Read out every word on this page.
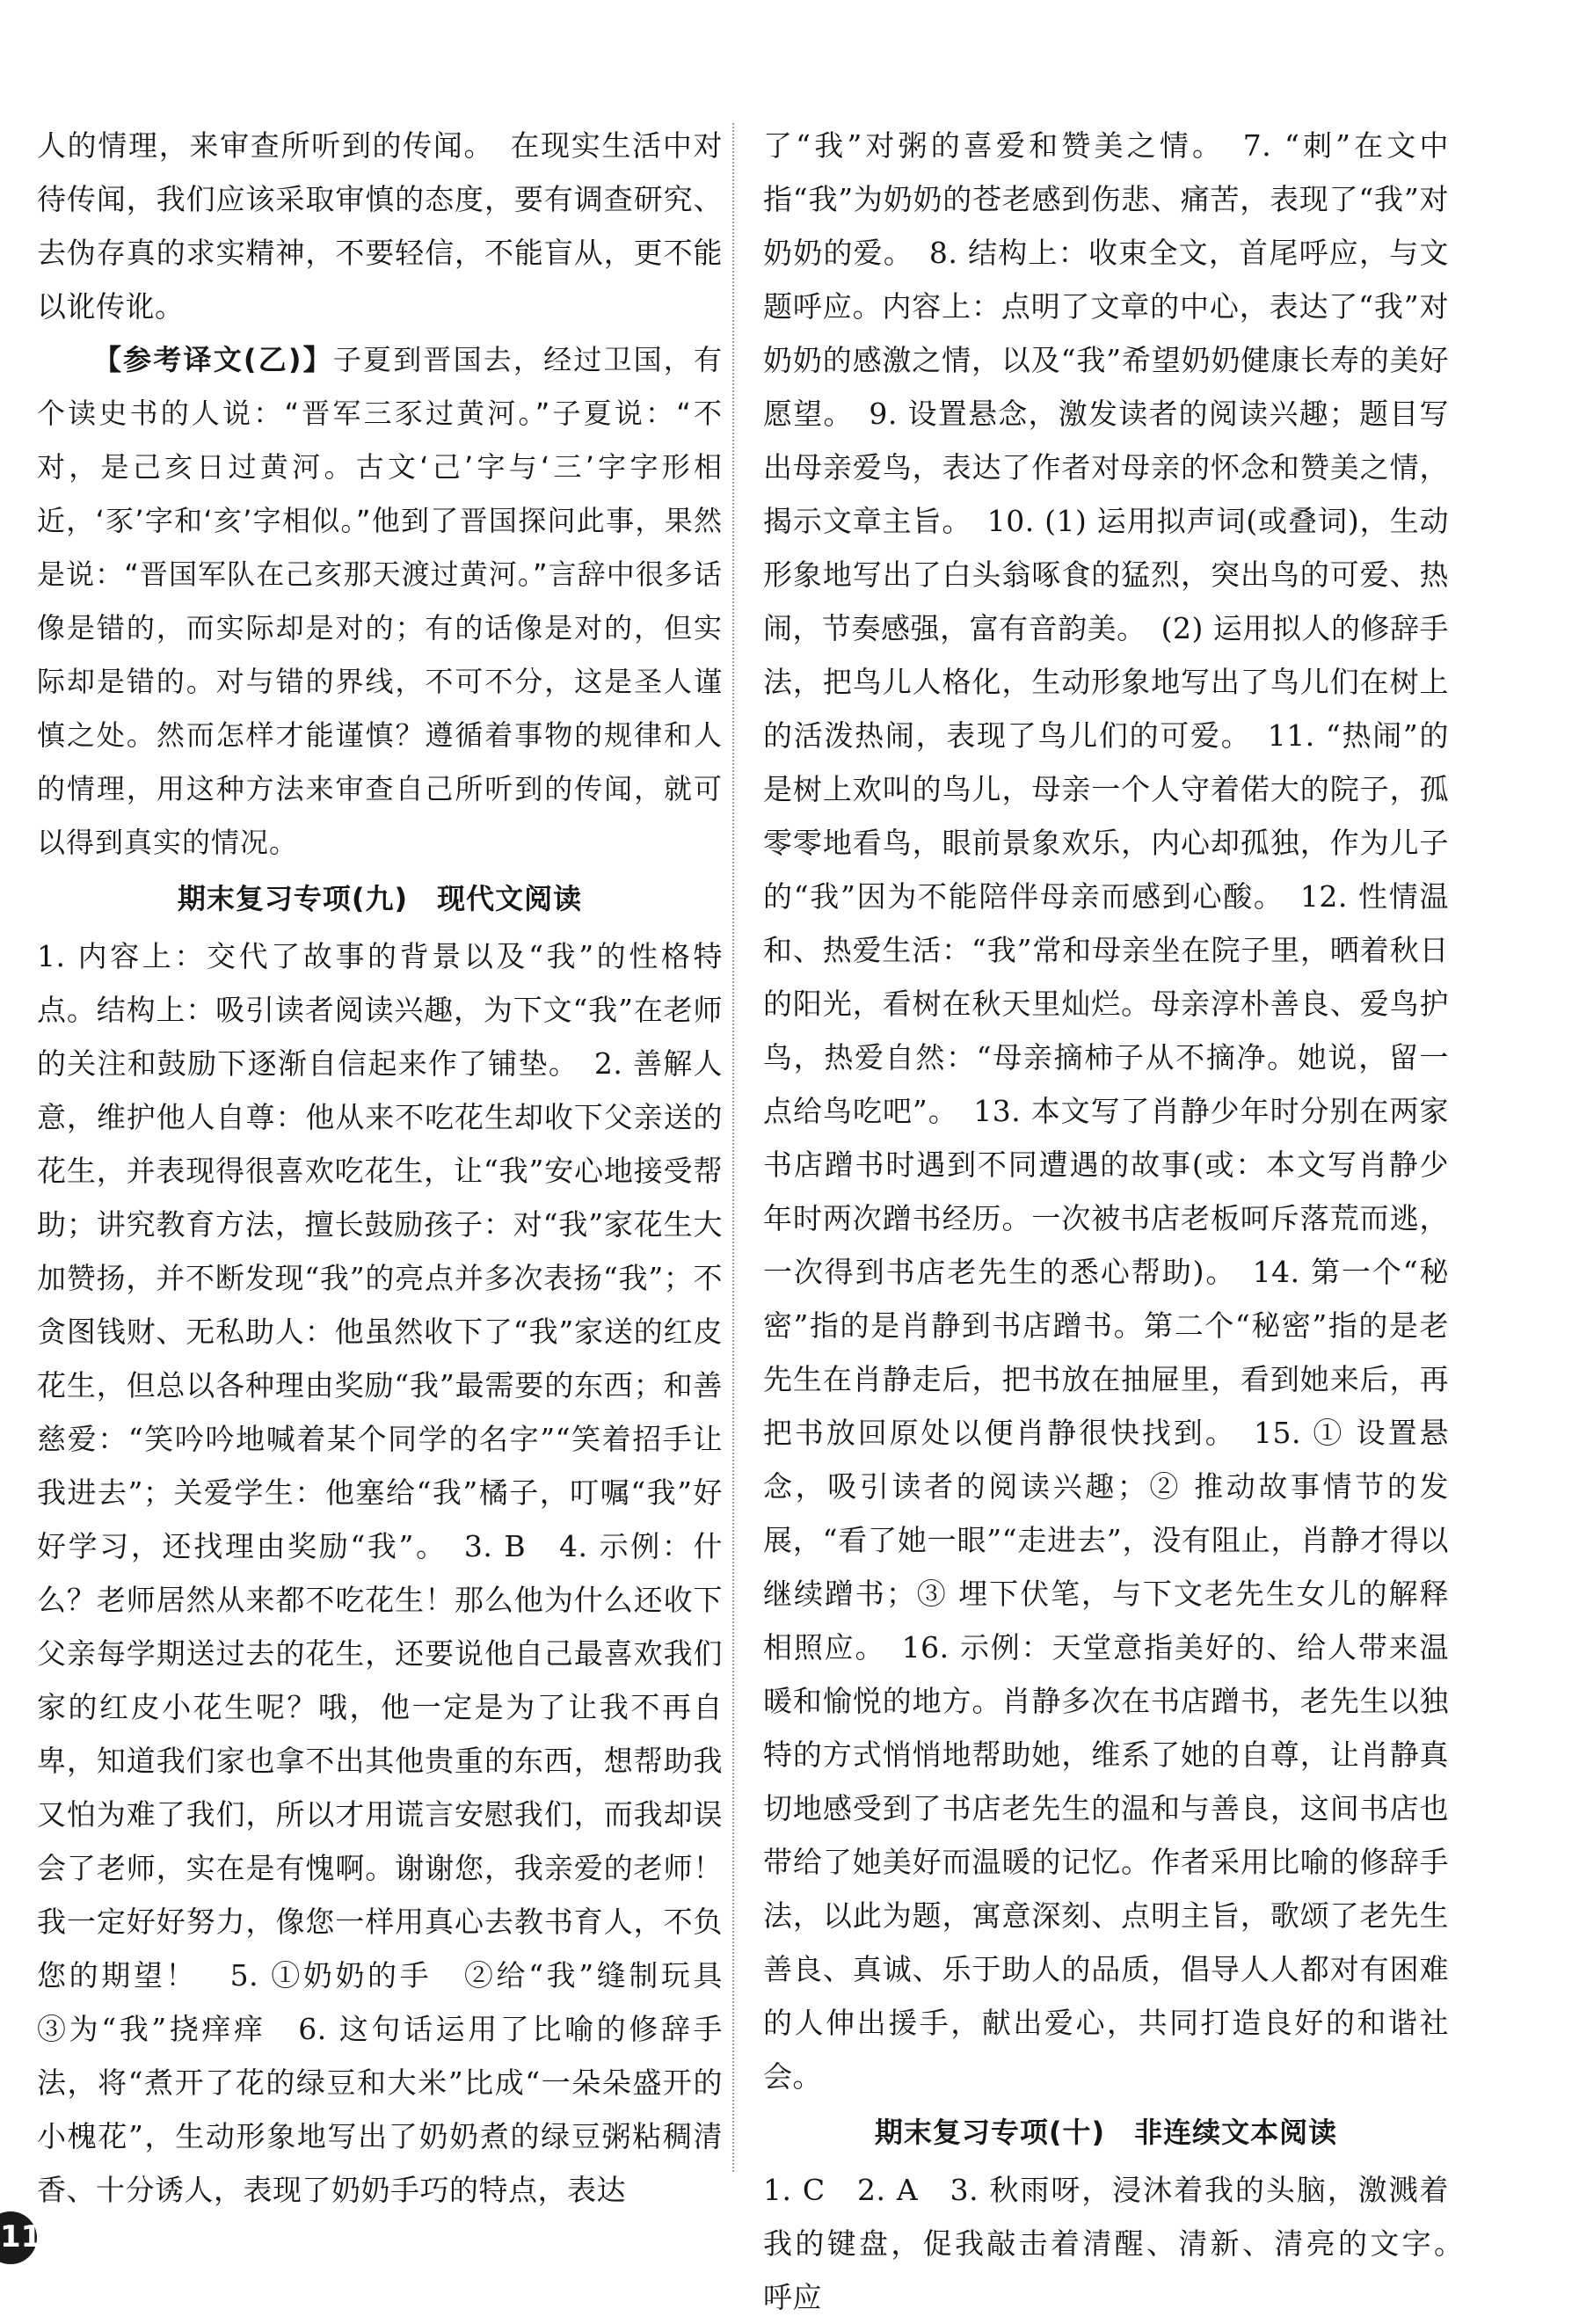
人的情理，来审查所听到的传闻。　在现实生活中对待传闻，我们应该采取审慎的态度，要有调查研究、去伪存真的求实精神，不要轻信，不能盲从，更不能以讹传讹。

【参考译文(乙)】子夏到晋国去，经过卫国，有个读史书的人说：“晋军三豕过黄河。”子夏说：“不对，是己亥日过黄河。古文‘己’字与‘三’字字形相近，‘豕’字和‘亥’字相似。”他到了晋国探问此事，果然是说：“晋国军队在己亥那天渡过黄河。”言辞中很多话像是错的，而实际却是对的；有的话像是对的，但实际却是错的。对与错的界线，不可不分，这是圣人谨慎之处。然而怎样才能谨慎？遵循着事物的规律和人的情理，用这种方法来审查自己所听到的传闻，就可以得到真实的情况。

期末复习专项(九)　现代文阅读

1. 内容上：交代了故事的背景以及“我”的性格特点。结构上：吸引读者阅读兴趣，为下文“我”在老师的关注和鼓励下逐渐自信起来作了铺垫。　2. 善解人意，维护他人自尊：他从来不吃花生却收下父亲送的花生，并表现得很喜欢吃花生，让“我”安心地接受帮助；讲究教育方法，擅长鼓励孩子：对“我”家花生大加赞扬，并不断发现“我”的亮点并多次表扬“我”；不贪图钱财、无私助人：他虽然收下了“我”家送的红皮花生，但总以各种理由奖励“我”最需要的东西；和善慈爱：“笑吟吟地喊着某个同学的名字”“笑着招手让我进去”；关爱学生：他塞给“我”橘子，叮嘱“我”好好学习，还找理由奖励“我”。　3. B　4. 示例：什么？老师居然从来都不吃花生！那么他为什么还收下父亲每学期送过去的花生，还要说他自己最喜欢我们家的红皮小花生呢？哦，他一定是为了让我不再自卑，知道我们家也拿不出其他贵重的东西，想帮助我又怕为难了我们，所以才用谎言安慰我们，而我却误会了老师，实在是有愧啊。谢谢您，我亲爱的老师！我一定好好努力，像您一样用真心去教书育人，不负您的期望！　5. ①奶奶的手　②给“我”缝制玩具　③为“我”挠痒痒　6. 这句话运用了比喻的修辞手法，将“煮开了花的绿豆和大米”比成“一朵朵盛开的小槐花”，生动形象地写出了奶奶煮的绿豆粥粘稠清香、十分诱人，表现了奶奶手巧的特点，表达

了“我”对粥的喜爱和赞美之情。　7. “刺”在文中指“我”为奶奶的苍老感到伤悲、痛苦，表现了“我”对奶奶的爱。　8. 结构上：收束全文，首尾呼应，与文题呼应。内容上：点明了文章的中心，表达了“我”对奶奶的感激之情，以及“我”希望奶奶健康长寿的美好愿望。　9. 设置悬念，激发读者的阅读兴趣；题目写出母亲爱鸟，表达了作者对母亲的怀念和赞美之情，揭示文章主旨。　10. (1) 运用拟声词(或叠词)，生动形象地写出了白头翁啄食的猛烈，突出鸟的可爱、热闹，节奏感强，富有音韵美。　(2) 运用拟人的修辞手法，把鸟儿人格化，生动形象地写出了鸟儿们在树上的活泼热闹，表现了鸟儿们的可爱。　11. “热闹”的是树上欢叫的鸟儿，母亲一个人守着偌大的院子，孤零零地看鸟，眼前景象欢乐，内心却孤独，作为儿子的“我”因为不能陪伴母亲而感到心酸。　12. 性情温和、热爱生活：“我”常和母亲坐在院子里，晒着秋日的阳光，看树在秋天里灿烂。母亲淳朴善良、爱鸟护鸟，热爱自然：“母亲摘柿子从不摘净。她说，留一点给鸟吃吧”。　13. 本文写了肖静少年时分别在两家书店蹭书时遇到不同遭遇的故事(或：本文写肖静少年时两次蹭书经历。一次被书店老板呵斥落荒而逃，一次得到书店老先生的悉心帮助)。　14. 第一个“秘密”指的是肖静到书店蹭书。第二个“秘密”指的是老先生在肖静走后，把书放在抽屉里，看到她来后，再把书放回原处以便肖静很快找到。　15. ① 设置悬念，吸引读者的阅读兴趣；② 推动故事情节的发展，“看了她一眼”“走进去”，没有阻止，肖静才得以继续蹭书；③ 埋下伏笔，与下文老先生女儿的解释相照应。　16. 示例：天堂意指美好的、给人带来温暖和愉悦的地方。肖静多次在书店蹭书，老先生以独特的方式悄悄地帮助她，维系了她的自尊，让肖静真切地感受到了书店老先生的温和与善良，这间书店也带给了她美好而温暖的记忆。作者采用比喻的修辞手法，以此为题，寓意深刻、点明主旨，歌颂了老先生善良、真诚、乐于助人的品质，倡导人人都对有困难的人伸出援手，献出爱心，共同打造良好的和谐社会。

期末复习专项(十)　非连续文本阅读

1. C　2. A　3. 秋雨呀，浸沐着我的头脑，激溅着我的键盘，促我敲击着清醒、清新、清亮的文字。　呼应

116
